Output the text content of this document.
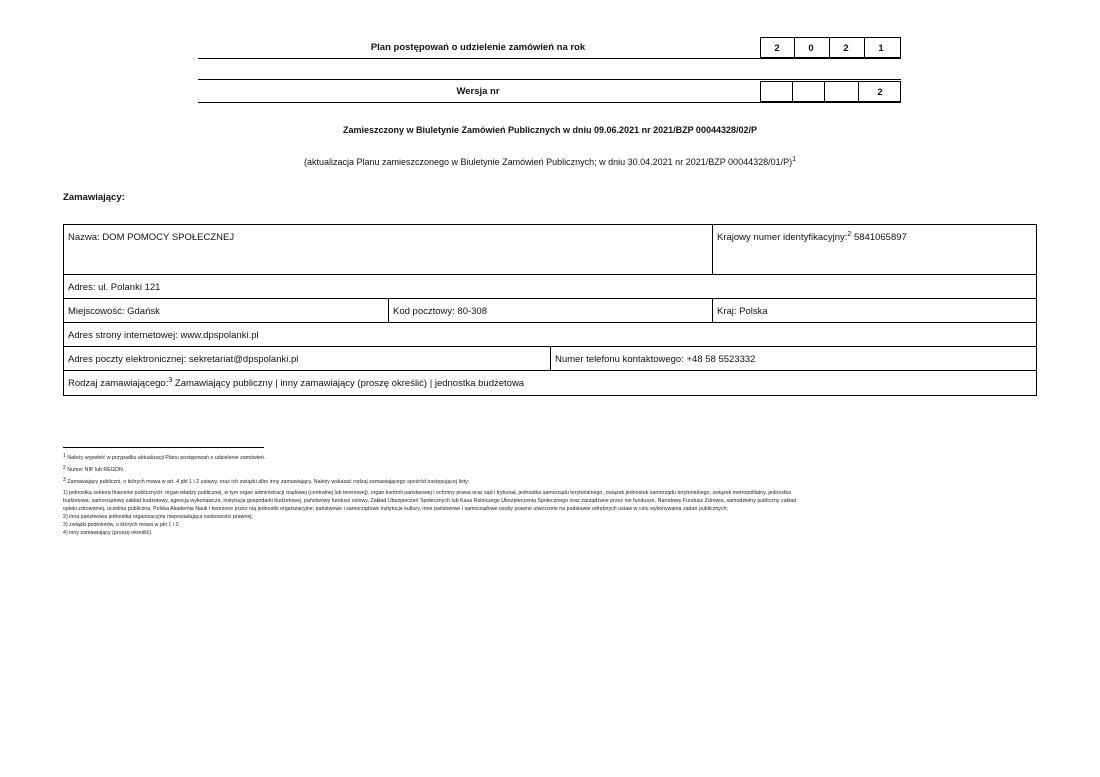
Plan postępowań o udzielenie zamówień na rok	2	0	2	1
Wersja nr	2
Zamieszczony w Biuletynie Zamówień Publicznych w dniu 09.06.2021 nr 2021/BZP 00044328/02/P
(aktualizacja Planu zamieszczonego w Biuletynie Zamówień Publicznych; w dniu 30.04.2021 nr 2021/BZP 00044328/01/P)$^1$
Zamawiający:
Nazwa: DOM POMOCY SPOŁECZNEJ	Krajowy numer identyfikacyjny:$^2$ 5841065897
Adres: ul. Polanki 121
Miejscowość: Gdańsk	Kod pocztowy: 80-308	Kraj: Polska
Adres strony internetowej: www.dpspolanki.pl
Adres poczty elektronicznej: sekretariat@dpspolanki.pl	Numer telefonu kontaktowego: +48 58 5523332
Rodzaj zamawiającego:$^3$ Zamawiający publiczny | inny zamawiający (proszę określić) | jednostka budżetowa
$^1$ Należy wypełnić w przypadku aktualizacji Planu postępowań o udzielenie zamówień.
$^2$ Numer NIP lub REGON.
$^3$ Zamawiający publiczni, o których mowa w art. 4 pkt 1 i 2 ustawy, oraz ich związki albo inny zamawiający. Należy wskazać rodzaj zamawiającego spośród następującej listy:
1) jednostka sektora finansów publicznych: organ władzy publicznej, w tym organ administracji rządowej (centralnej lub terenowej), organ kontroli państwowej i ochrony prawa oraz sąd i trybunał, jednostka samorządu terytorialnego, związek jednostek samorządu terytorialnego, związek metropolitalny, jednostka
budżetowa, samorządowy zakład budżetowy, agencja wykonawcza, instytucja gospodarki budżetowej, państwowy fundusz celowy, Zakład Ubezpieczeń Społecznych lub Kasa Rolniczego Ubezpieczenia Społecznego oraz zarządzane przez nie fundusze, Narodowy Fundusz Zdrowia, samodzielny publiczny zakład
opieki zdrowotnej, uczelnia publiczna, Polska Akademia Nauk i tworzone przez nią jednostki organizacyjne, państwowe i samorządowe instytucje kultury, inne państwowe i samorządowe osoby prawne utworzone na podstawie odrębnych ustaw w celu wykonywania zadań publicznych;
2) inna państwowa jednostka organizacyjna nieposiadająca osobowości prawnej;
3) związki podmiotów, o których mowa w pkt 1 i 2;
4) inny zamawiający (proszę określić).
